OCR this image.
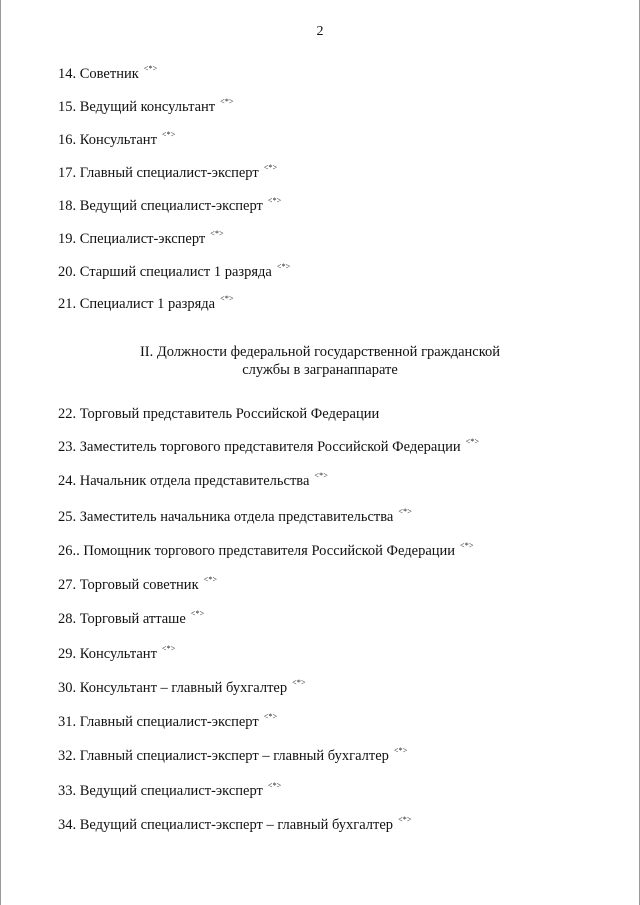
2
14. Советник <*>
15. Ведущий консультант <*>
16. Консультант <*>
17. Главный специалист-эксперт <*>
18. Ведущий специалист-эксперт <*>
19. Специалист-эксперт <*>
20. Старший специалист 1 разряда <*>
21. Специалист 1 разряда <*>
II. Должности федеральной государственной гражданской
службы в загранаппарате
22. Торговый представитель Российской Федерации
23. Заместитель торгового представителя Российской Федерации <*>
24. Начальник отдела представительства <*>
25. Заместитель начальника отдела представительства <*>
26.. Помощник торгового представителя Российской Федерации <*>
27. Торговый советник <*>
28. Торговый атташе <*>
29. Консультант <*>
30. Консультант – главный бухгалтер <*>
31. Главный специалист-эксперт <*>
32. Главный специалист-эксперт – главный бухгалтер <*>
33. Ведущий специалист-эксперт <*>
34. Ведущий специалист-эксперт – главный бухгалтер <*>
